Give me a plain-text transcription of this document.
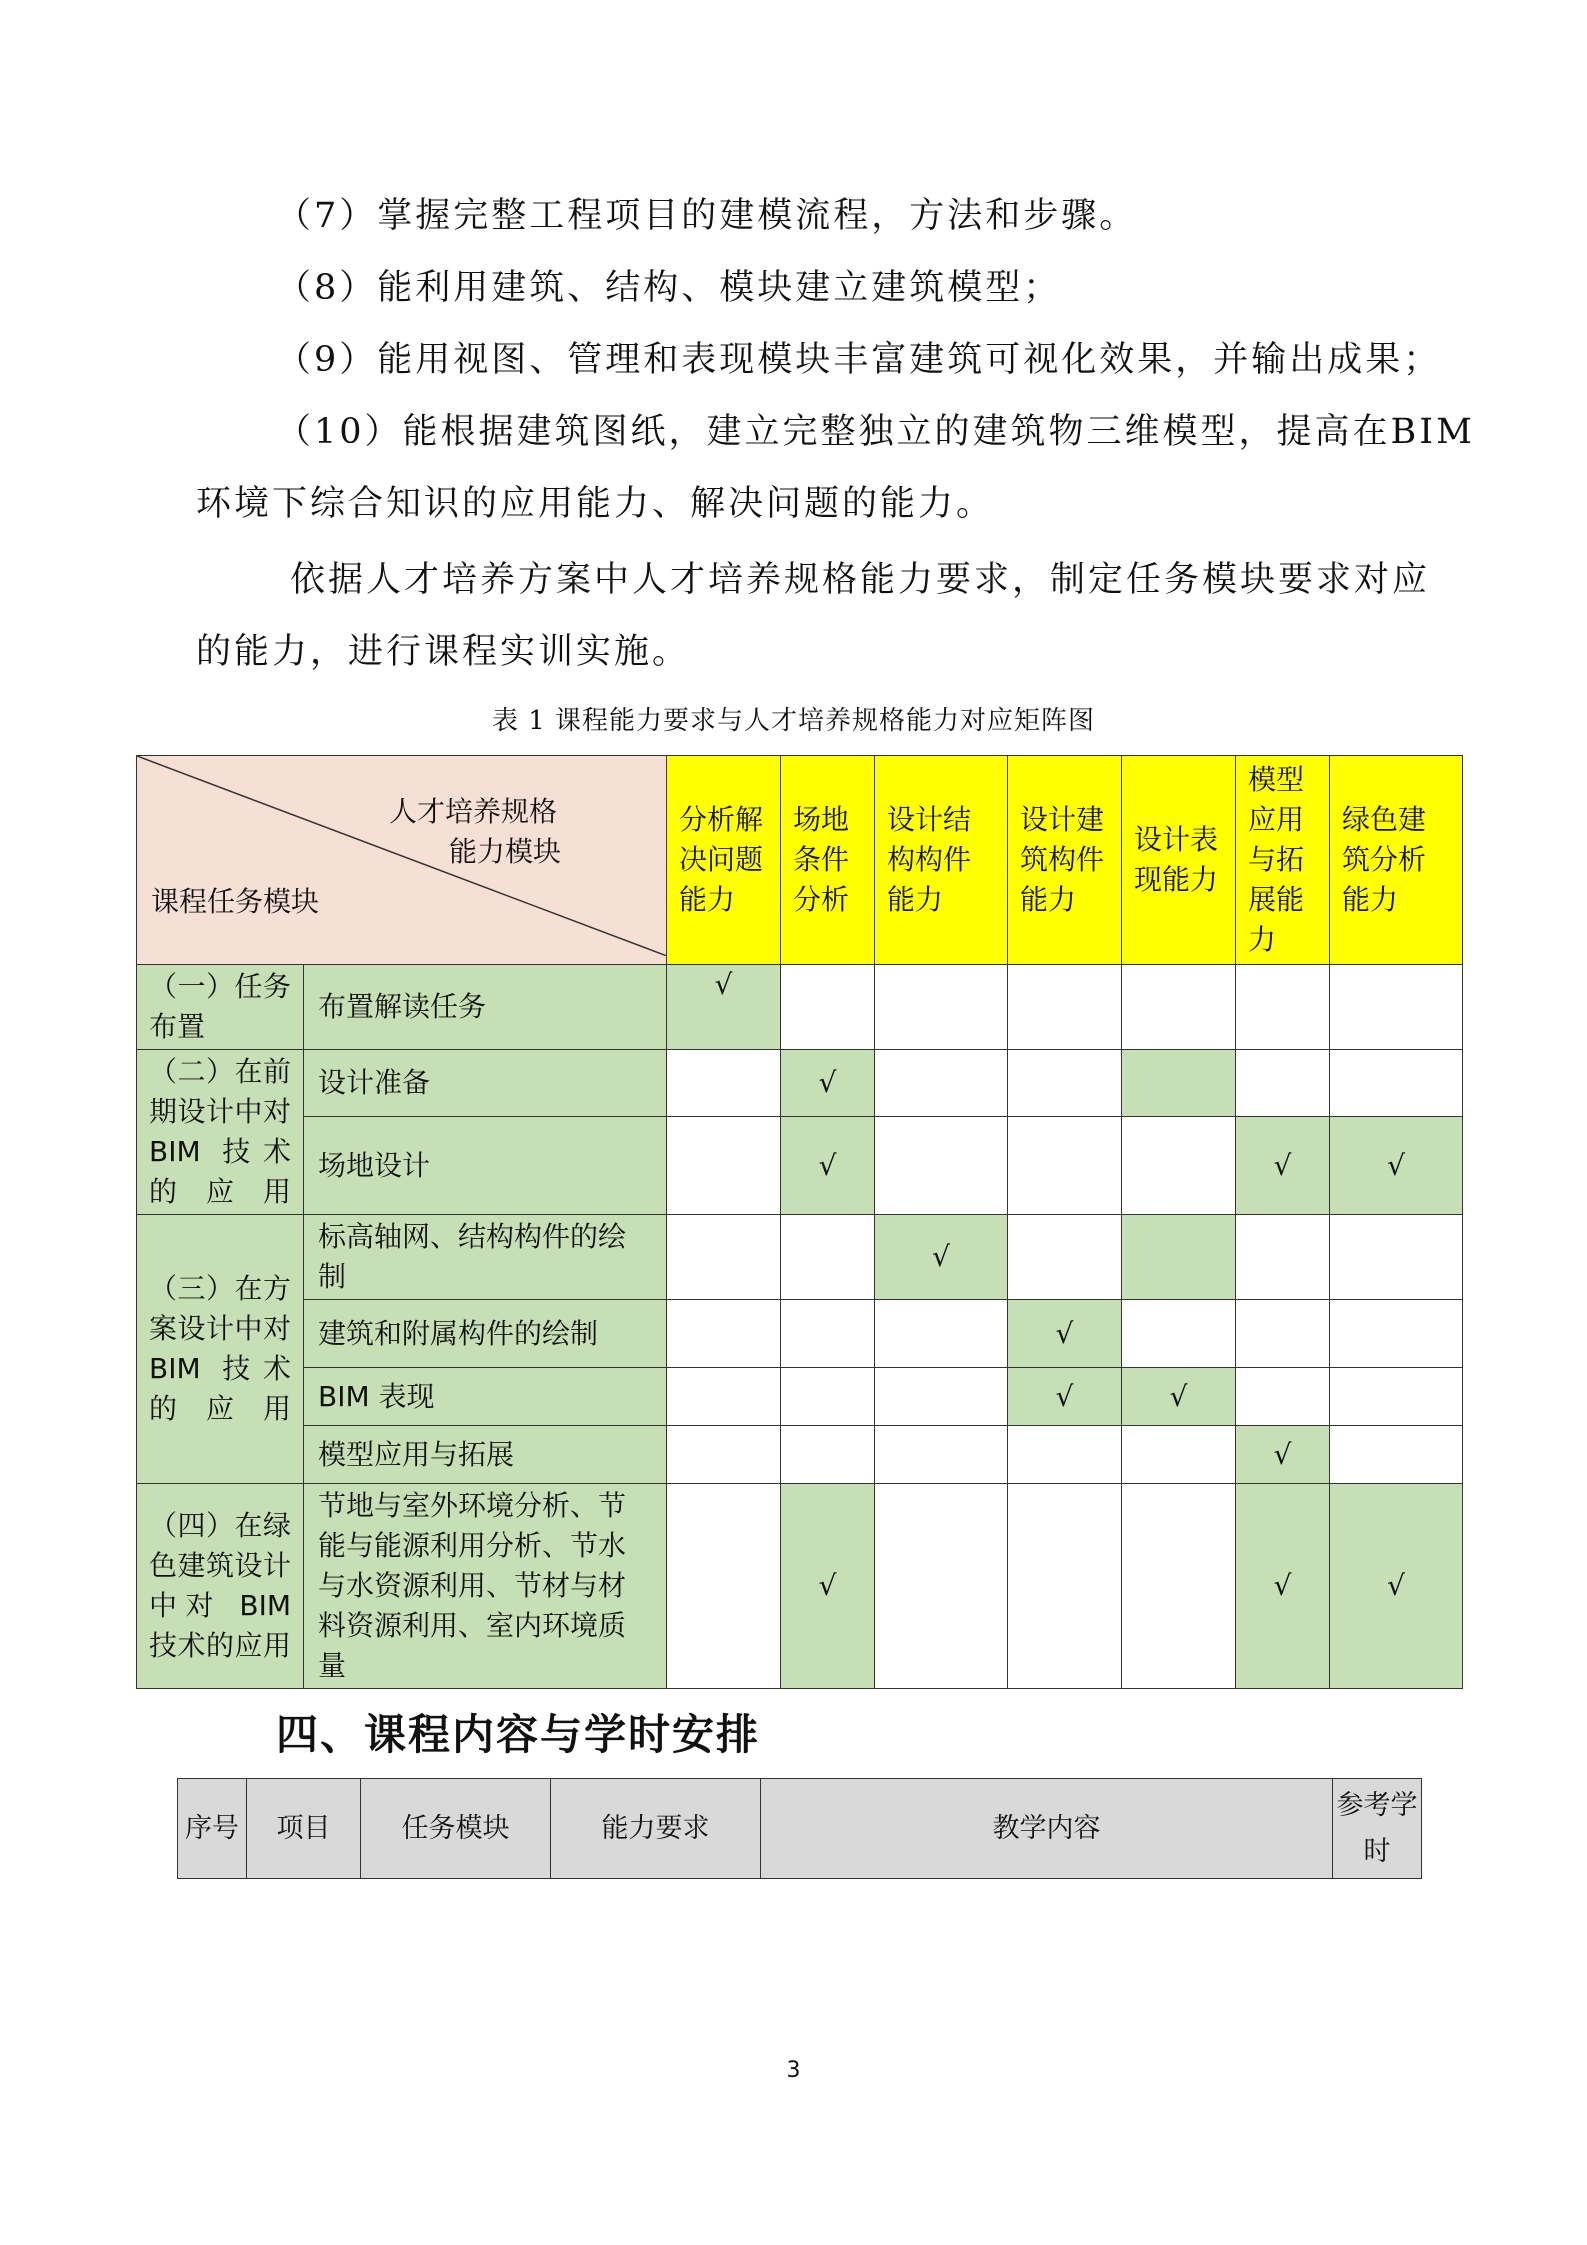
（7）掌握完整工程项目的建模流程，方法和步骤。
（8）能利用建筑、结构、模块建立建筑模型；
（9）能用视图、管理和表现模块丰富建筑可视化效果，并输出成果；
（10）能根据建筑图纸，建立完整独立的建筑物三维模型，提高在BIM
环境下综合知识的应用能力、解决问题的能力。
依据人才培养方案中人才培养规格能力要求，制定任务模块要求对应
的能力，进行课程实训实施。
表 1 课程能力要求与人才培养规格能力对应矩阵图
人才培养规格
能力模块
课程任务模块		分析解决问题能力	场地条件分析	设计结构构件能力	设计建筑构件能力	设计表现能力	模型应用与拓展能力	绿色建筑分析能力
（一）任务布置	布置解读任务	√						
（二）在前期设计中对 BIM 技术的应用	设计准备		√					
	场地设计		√				√	√
（三）在方案设计中对 BIM 技术的应用	标高轴网、结构构件的绘制			√				
	建筑和附属构件的绘制				√			
	BIM 表现				√	√		
	模型应用与拓展						√	
（四）在绿色建筑设计中对 BIM 技术的应用	节地与室外环境分析、节能与能源利用分析、节水与水资源利用、节材与材料资源利用、室内环境质量		√				√	√
四、课程内容与学时安排
序号	项目	任务模块	能力要求	教学内容	参考学时
3
